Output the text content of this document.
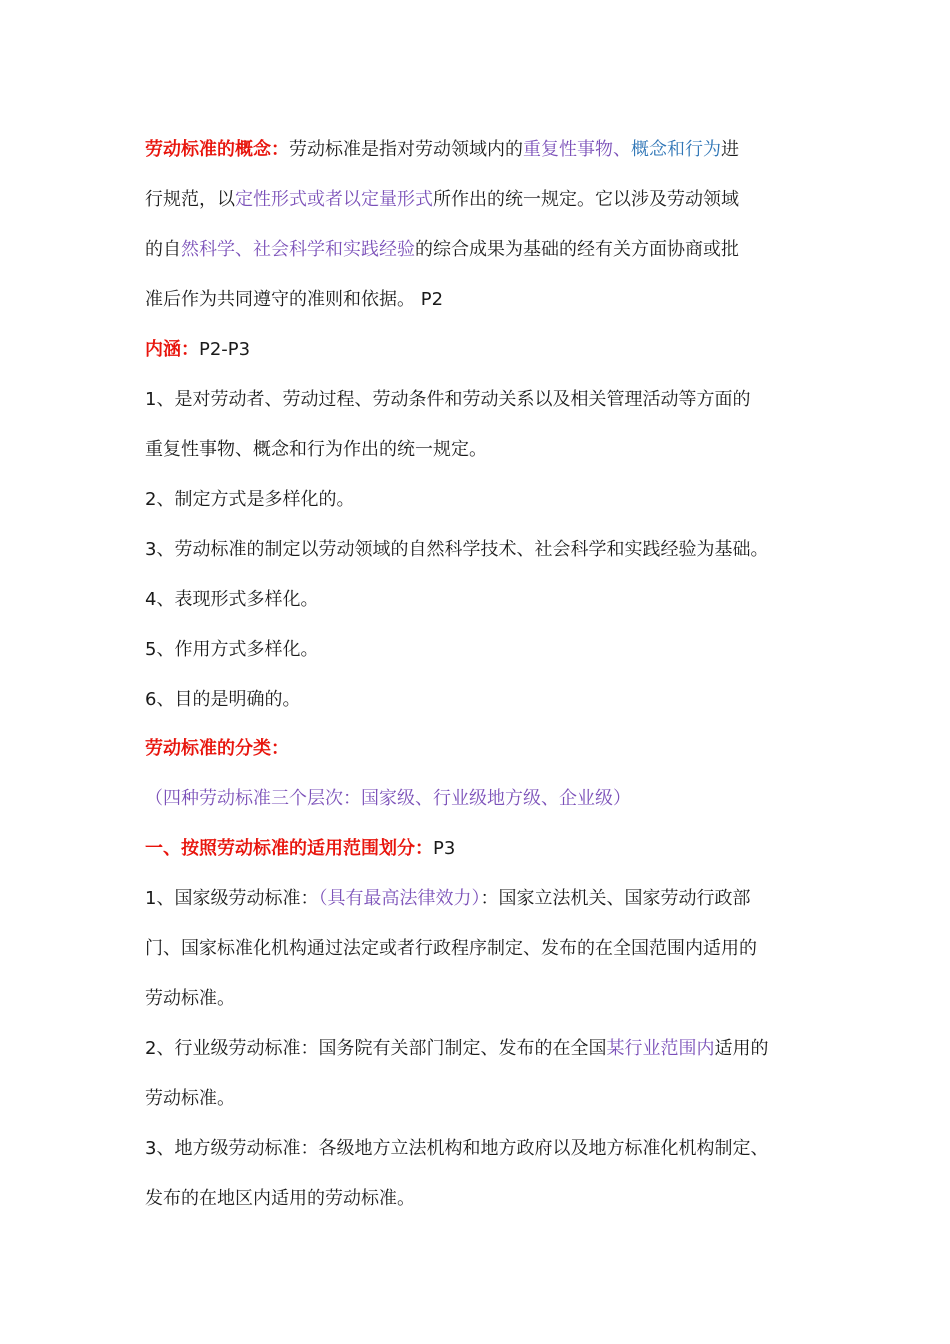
劳动标准的概念：劳动标准是指对劳动领域内的重复性事物、概念和行为进
行规范，以定性形式或者以定量形式所作出的统一规定。它以涉及劳动领域
的自然科学、社会科学和实践经验的综合成果为基础的经有关方面协商或批
准后作为共同遵守的准则和依据。 P2
内涵：P2-P3
1、是对劳动者、劳动过程、劳动条件和劳动关系以及相关管理活动等方面的
重复性事物、概念和行为作出的统一规定。
2、制定方式是多样化的。
3、劳动标准的制定以劳动领域的自然科学技术、社会科学和实践经验为基础。
4、表现形式多样化。
5、作用方式多样化。
6、目的是明确的。
劳动标准的分类：
（四种劳动标准三个层次：国家级、行业级地方级、企业级）
一、按照劳动标准的适用范围划分：P3
1、国家级劳动标准：（具有最高法律效力）：国家立法机关、国家劳动行政部
门、国家标准化机构通过法定或者行政程序制定、发布的在全国范围内适用的
劳动标准。
2、行业级劳动标准：国务院有关部门制定、发布的在全国某行业范围内适用的
劳动标准。
3、地方级劳动标准：各级地方立法机构和地方政府以及地方标准化机构制定、
发布的在地区内适用的劳动标准。
